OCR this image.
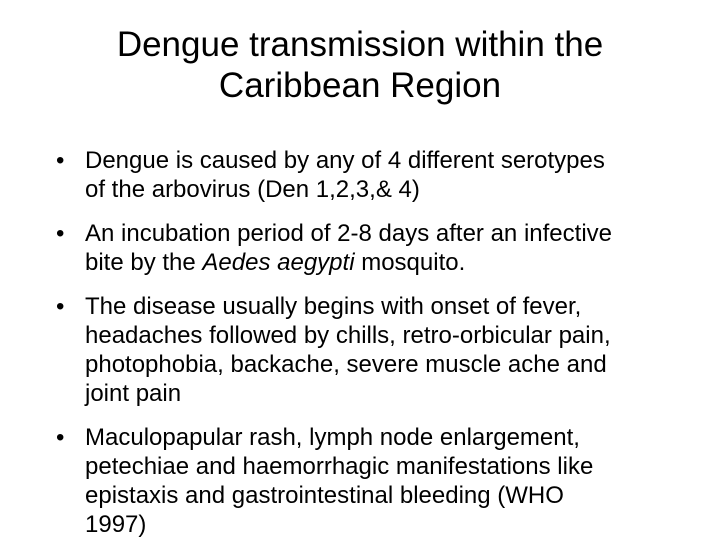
Dengue transmission within the
Caribbean Region
• Dengue is caused by any of 4 different serotypes
of the arbovirus (Den 1,2,3,& 4)
• An incubation period of 2-8 days after an infective
bite by the Aedes aegypti mosquito.
• The disease usually begins with onset of fever,
headaches followed by chills, retro-orbicular pain,
photophobia, backache, severe muscle ache and
joint pain
• Maculopapular rash, lymph node enlargement,
petechiae and haemorrhagic manifestations like
epistaxis and gastrointestinal bleeding (WHO
1997)
